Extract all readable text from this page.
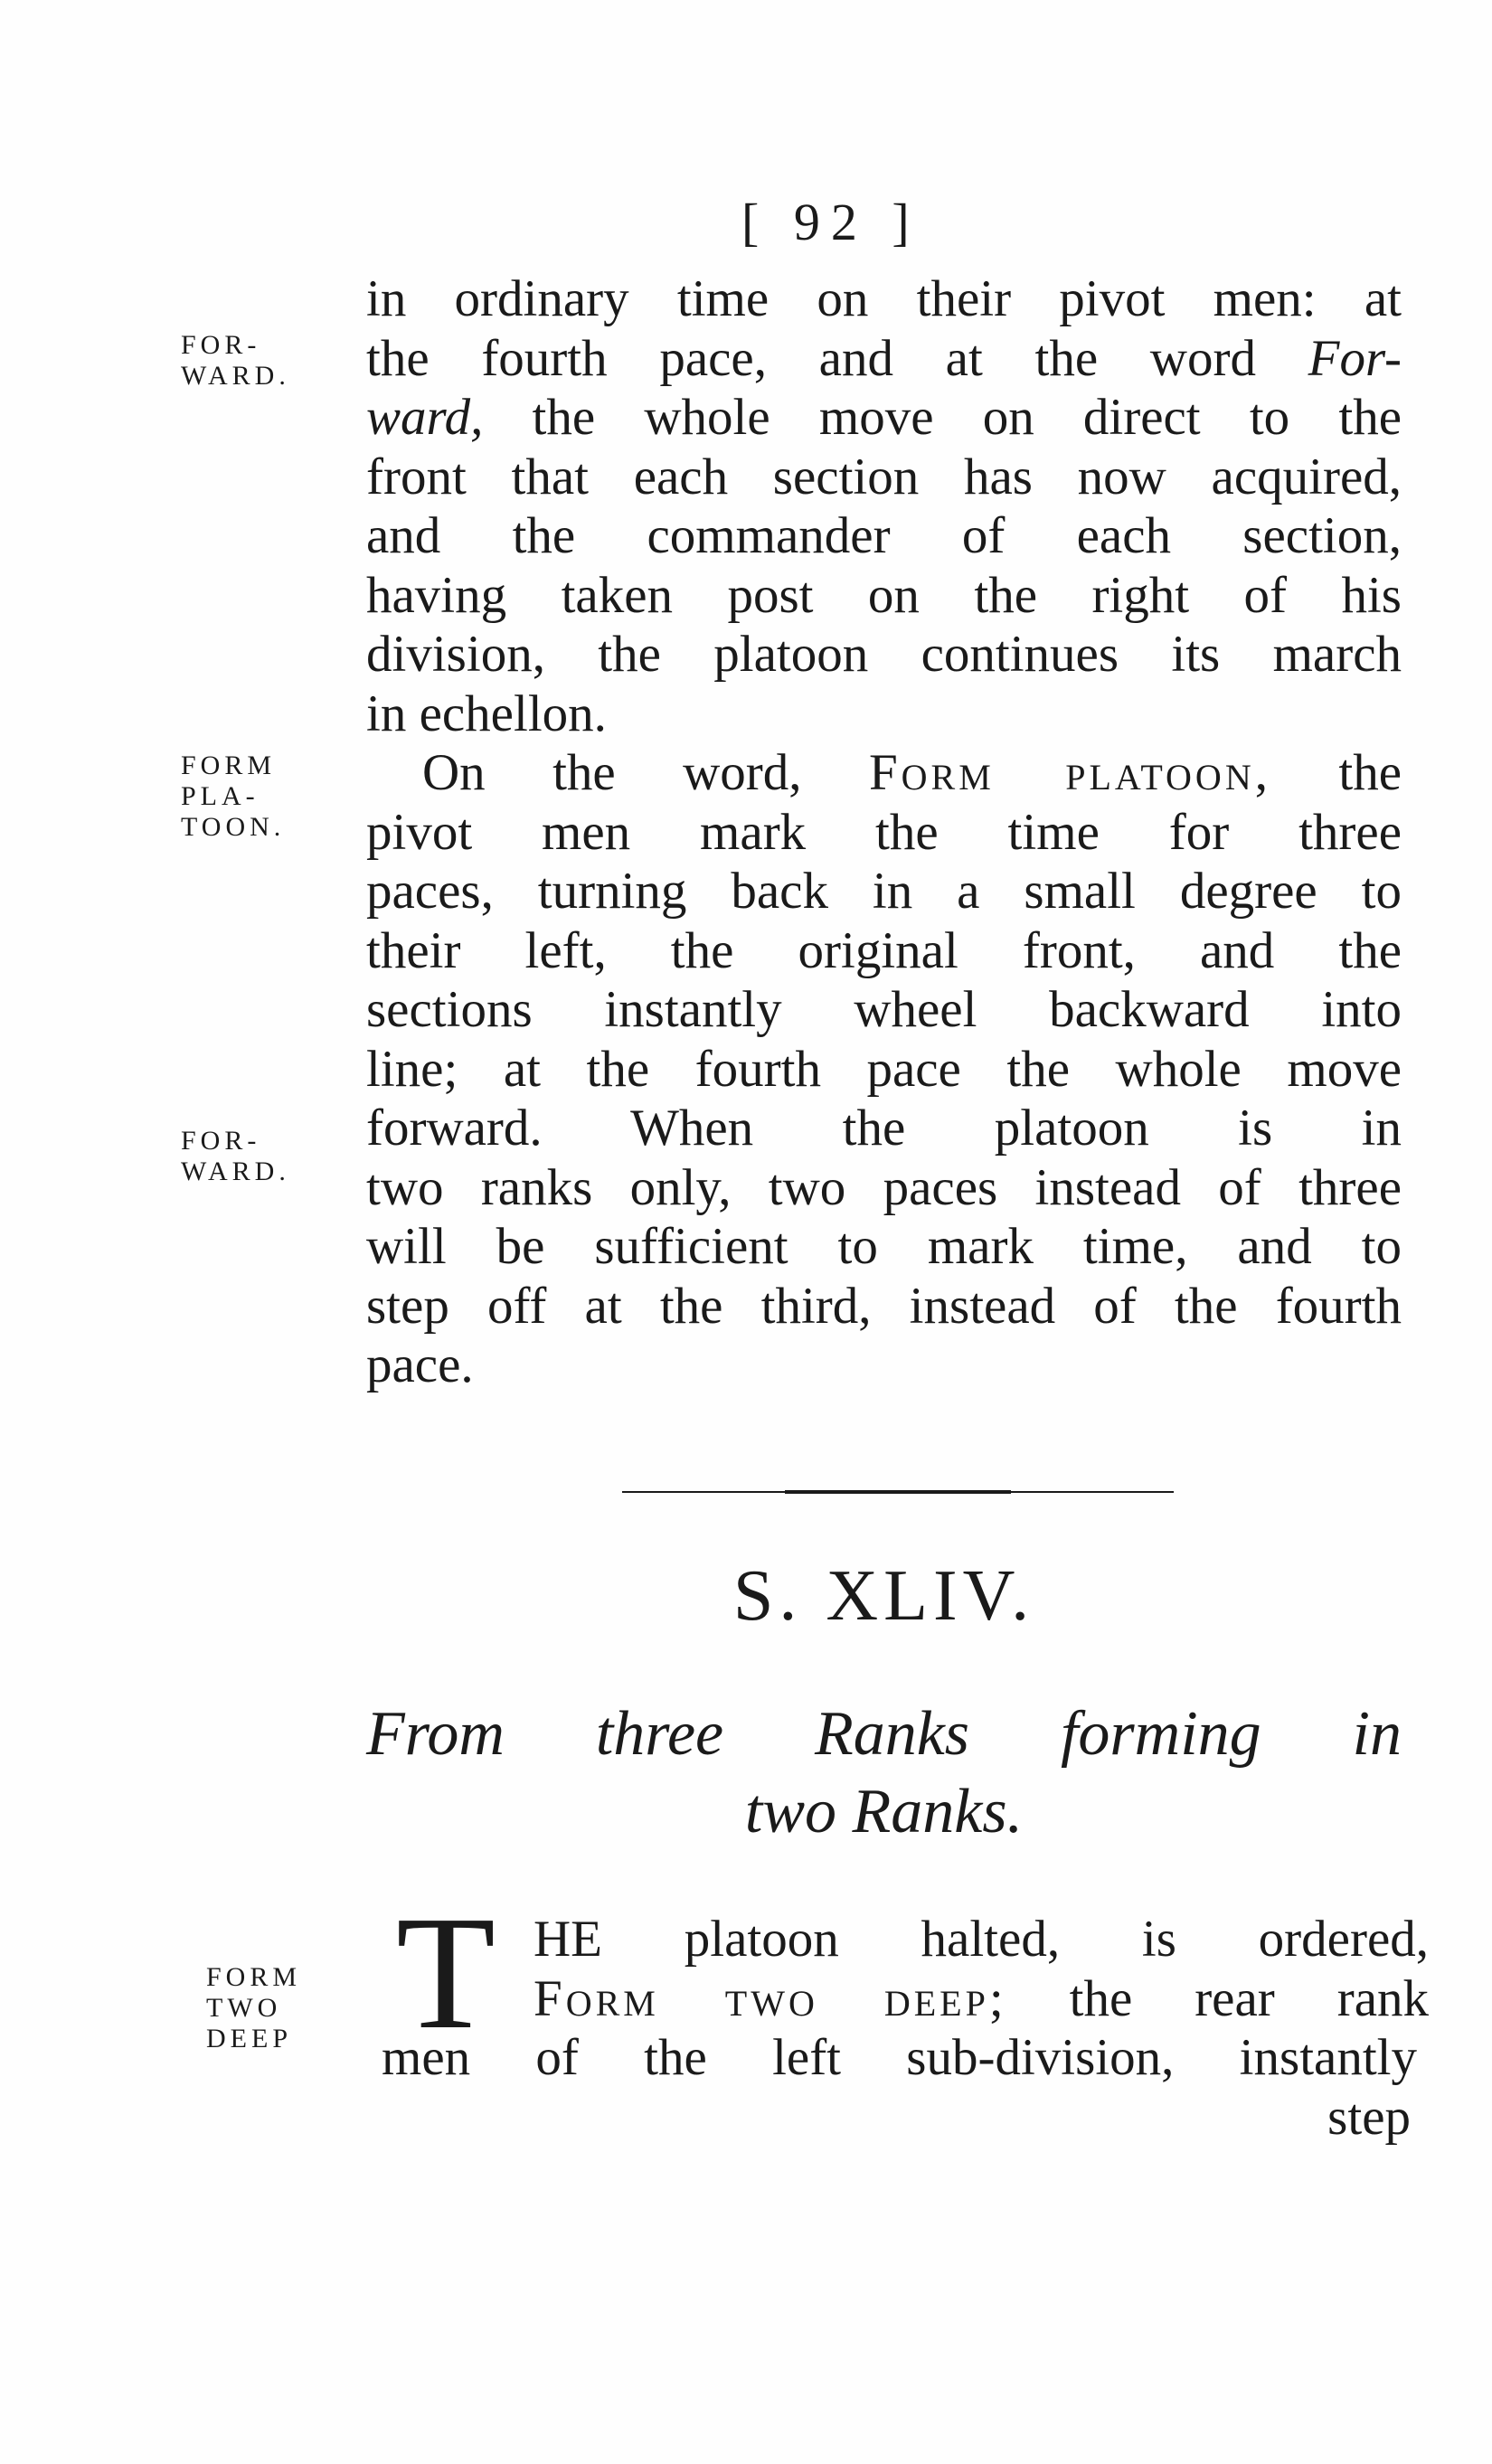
[ 92 ]
FOR-
WARD.
FORM
PLA-
TOON.
FOR-
WARD.
FORM
TWO
DEEP
in ordinary time on their pivot men: at
the fourth pace, and at the word For-
ward, the whole move on direct to the
front that each section has now acquired,
and the commander of each section,
having taken post on the right of his
division, the platoon continues its march
in echellon.
On the word, Form platoon, the
pivot men mark the time for three
paces, turning back in a small degree to
their left, the original front, and the
sections instantly wheel backward into
line; at the fourth pace the whole move
forward. When the platoon is in
two ranks only, two paces instead of three
will be sufficient to mark time, and to
step off at the third, instead of the fourth
pace.
S. XLIV.
From three Ranks forming in
two Ranks.
T HE platoon halted, is ordered,
Form two deep; the rear rank
men of the left sub-division, instantly
step
